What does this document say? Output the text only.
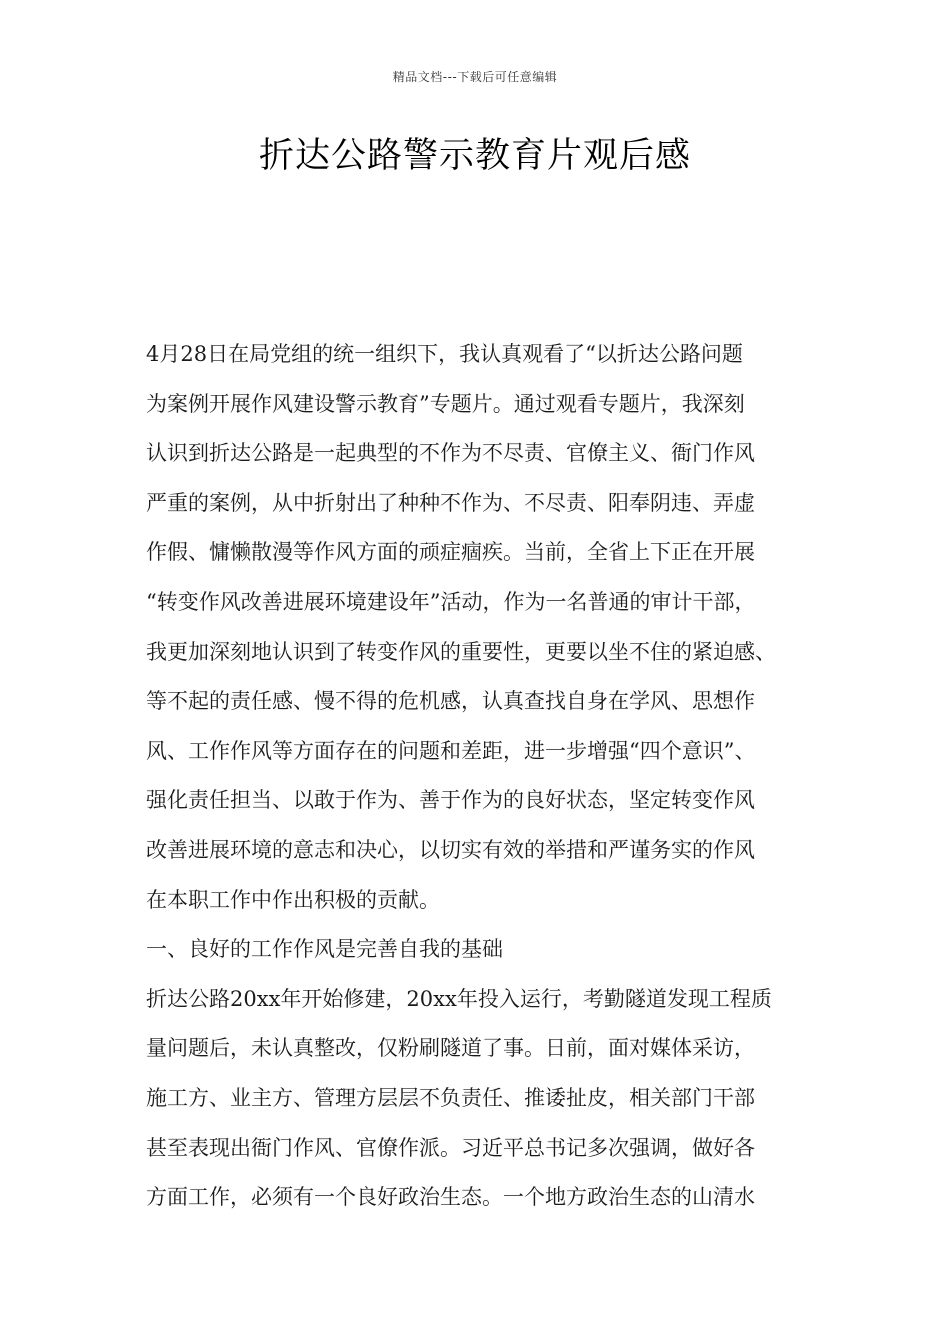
精品文档---下载后可任意编辑
折达公路警示教育片观后感
4月28日在局党组的统一组织下，我认真观看了“以折达公路问题
为案例开展作风建设警示教育”专题片。通过观看专题片，我深刻
认识到折达公路是一起典型的不作为不尽责、官僚主义、衙门作风
严重的案例，从中折射出了种种不作为、不尽责、阳奉阴违、弄虚
作假、慵懒散漫等作风方面的顽症痼疾。当前，全省上下正在开展
“转变作风改善进展环境建设年”活动，作为一名普通的审计干部，
我更加深刻地认识到了转变作风的重要性，更要以坐不住的紧迫感、
等不起的责任感、慢不得的危机感，认真查找自身在学风、思想作
风、工作作风等方面存在的问题和差距，进一步增强“四个意识”、
强化责任担当、以敢于作为、善于作为的良好状态，坚定转变作风
改善进展环境的意志和决心，以切实有效的举措和严谨务实的作风
在本职工作中作出积极的贡献。
一、良好的工作作风是完善自我的基础
折达公路20xx年开始修建，20xx年投入运行，考勤隧道发现工程质
量问题后，未认真整改，仅粉刷隧道了事。日前，面对媒体采访，
施工方、业主方、管理方层层不负责任、推诿扯皮，相关部门干部
甚至表现出衙门作风、官僚作派。习近平总书记多次强调，做好各
方面工作，必须有一个良好政治生态。一个地方政治生态的山清水
